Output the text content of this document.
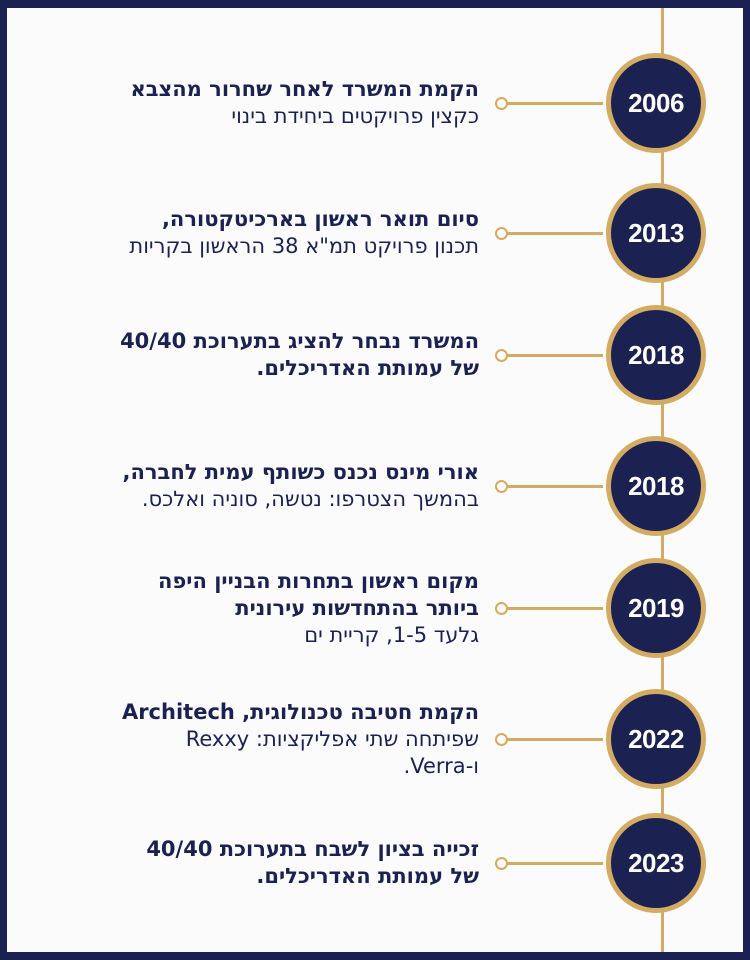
2006
הקמת המשרד לאחר שחרור מהצבא
כקצין פרויקטים ביחידת בינוי
2013
סיום תואר ראשון בארכיטקטורה,
תכנון פרויקט תמ"א 38 הראשון בקריות
2018
המשרד נבחר להציג בתערוכת 40/40
של עמותת האדריכלים.
2018
אורי מינס נכנס כשותף עמית לחברה,
בהמשך הצטרפו: נטשה, סוניה ואלכס.
2019
מקום ראשון בתחרות הבניין היפה
ביותר בהתחדשות עירונית
גלעד 1-5, קריית ים
2022
הקמת חטיבה טכנולוגית, Architech
שפיתחה שתי אפליקציות: Rexxy
ו-Verra.
2023
זכייה בציון לשבח בתערוכת 40/40
של עמותת האדריכלים.
